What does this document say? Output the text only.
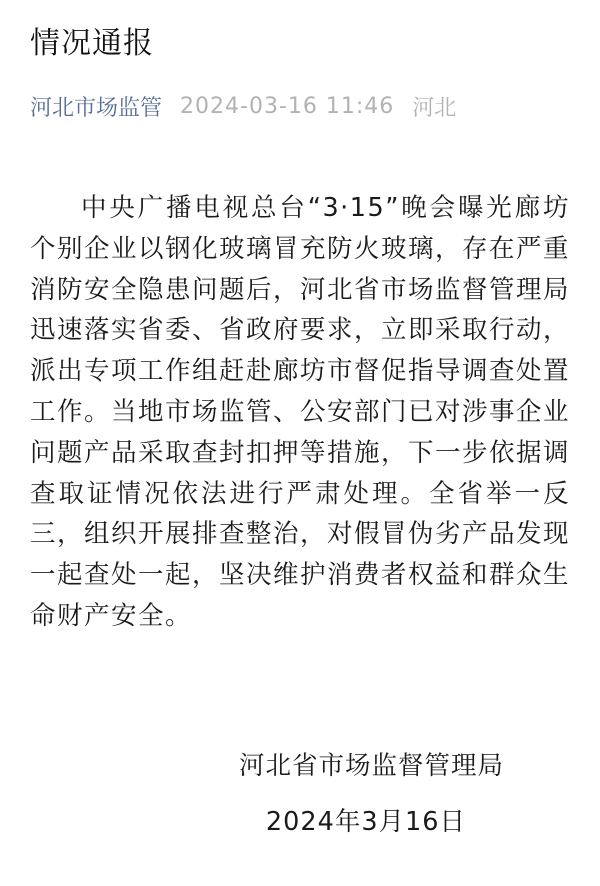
情况通报
河北市场监管 2024-03-16 11:46 河北

中央广播电视总台“3·15”晚会曝光廊坊个别企业以钢化玻璃冒充防火玻璃，存在严重消防安全隐患问题后，河北省市场监督管理局迅速落实省委、省政府要求，立即采取行动，派出专项工作组赶赴廊坊市督促指导调查处置工作。当地市场监管、公安部门已对涉事企业问题产品采取查封扣押等措施，下一步依据调查取证情况依法进行严肃处理。全省举一反三，组织开展排查整治，对假冒伪劣产品发现一起查处一起，坚决维护消费者权益和群众生命财产安全。

河北省市场监督管理局
2024年3月16日
